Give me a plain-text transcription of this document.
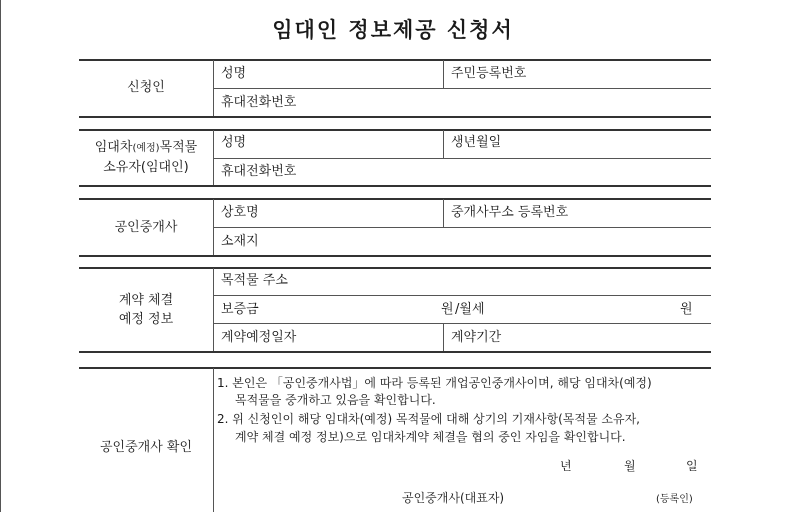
임대인 정보제공 신청서
신청인
성명	주민등록번호
휴대전화번호
임대차(예정)목적물
소유자(임대인)
성명	생년월일
휴대전화번호
공인중개사
상호명	중개사무소 등록번호
소재지
계약 체결
예정 정보
목적물 주소
보증금	원 /월세	원
계약예정일자	계약기간
공인중개사 확인
1. 본인은 「공인중개사법」에 따라 등록된 개업공인중개사이며, 해당 임대차(예정)
목적물을 중개하고 있음을 확인합니다.
2. 위 신청인이 해당 임대차(예정) 목적물에 대해 상기의 기재사항(목적물 소유자,
계약 체결 예정 정보)으로 임대차계약 체결을 협의 중인 자임을 확인합니다.
년	월	일
공인중개사(대표자)	(등록인)
